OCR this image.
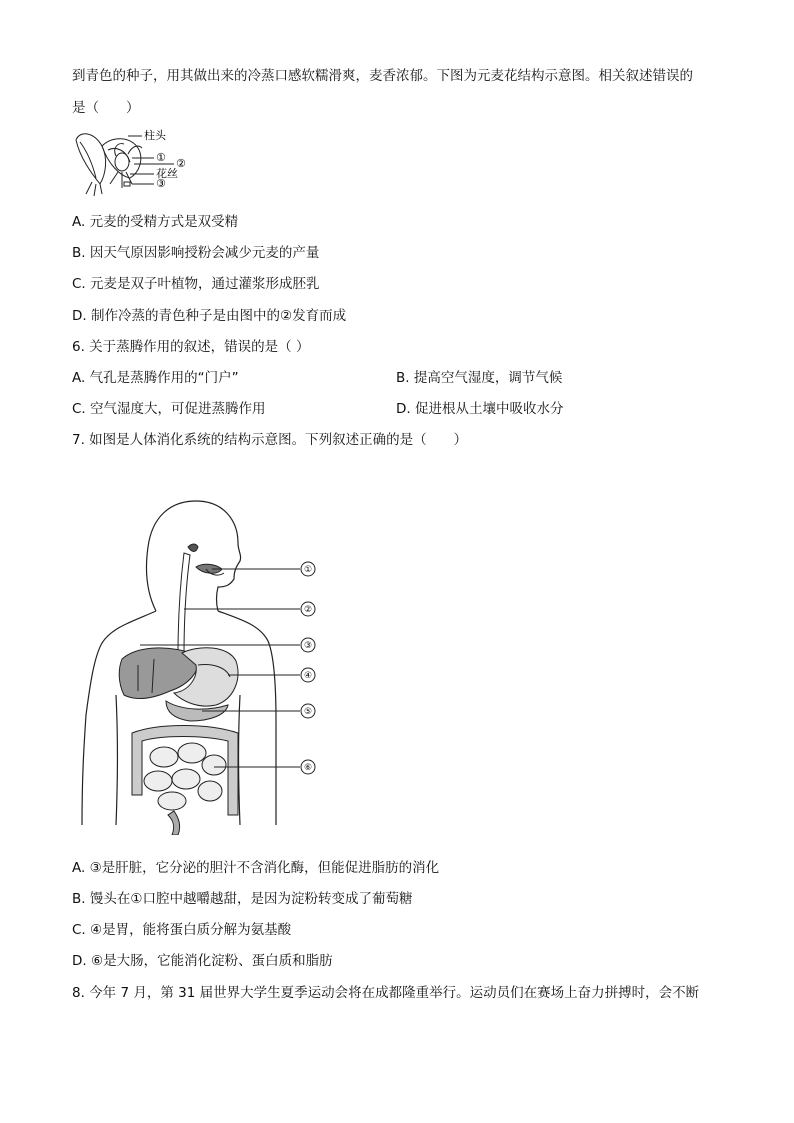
到青色的种子，用其做出来的冷蒸口感软糯滑爽，麦香浓郁。下图为元麦花结构示意图。相关叙述错误的
是（　　）
柱头
① ②
花丝
③
A. 元麦的受精方式是双受精
B. 因天气原因影响授粉会减少元麦的产量
C. 元麦是双子叶植物，通过灌浆形成胚乳
D. 制作冷蒸的青色种子是由图中的②发育而成
6. 关于蒸腾作用的叙述，错误的是（ ）
A. 气孔是蒸腾作用的“门户”	B. 提高空气湿度，调节气候
C. 空气湿度大，可促进蒸腾作用	D. 促进根从土壤中吸收水分
7. 如图是人体消化系统的结构示意图。下列叙述正确的是（　　）
①
②
③
④
⑤
⑥
A. ③是肝脏，它分泌的胆汁不含消化酶，但能促进脂肪的消化
B. 馒头在①口腔中越嚼越甜，是因为淀粉转变成了葡萄糖
C. ④是胃，能将蛋白质分解为氨基酸
D. ⑥是大肠，它能消化淀粉、蛋白质和脂肪
8. 今年 7 月，第 31 届世界大学生夏季运动会将在成都隆重举行。运动员们在赛场上奋力拼搏时，会不断
